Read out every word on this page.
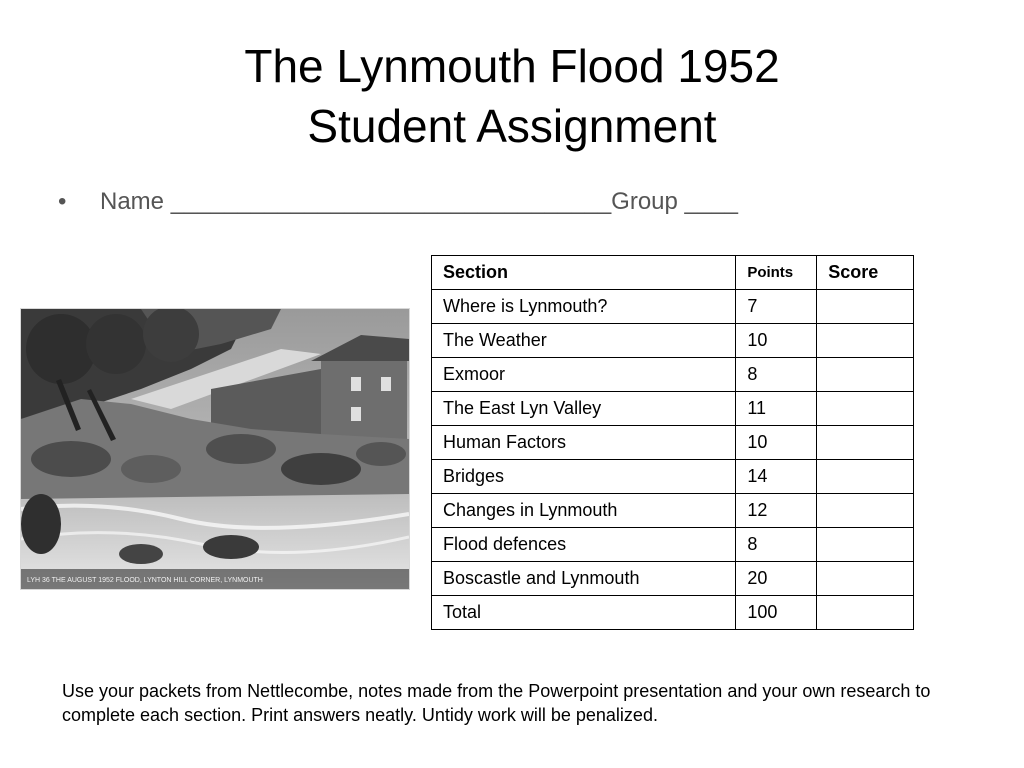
The Lynmouth Flood 1952
Student Assignment
• Name _________________________________Group ____
LYH 36 THE AUGUST 1952 FLOOD, LYNTON HILL CORNER, LYNMOUTH
Section	Points	Score
Where is Lynmouth?	7	
The Weather	10	
Exmoor	8	
The East Lyn Valley	11	
Human Factors	10	
Bridges	14	
Changes in Lynmouth	12	
Flood defences	8	
Boscastle and Lynmouth	20	
Total	100	
Use your packets from Nettlecombe, notes made from the Powerpoint presentation and your own research to complete each section. Print answers neatly. Untidy work will be penalized.
